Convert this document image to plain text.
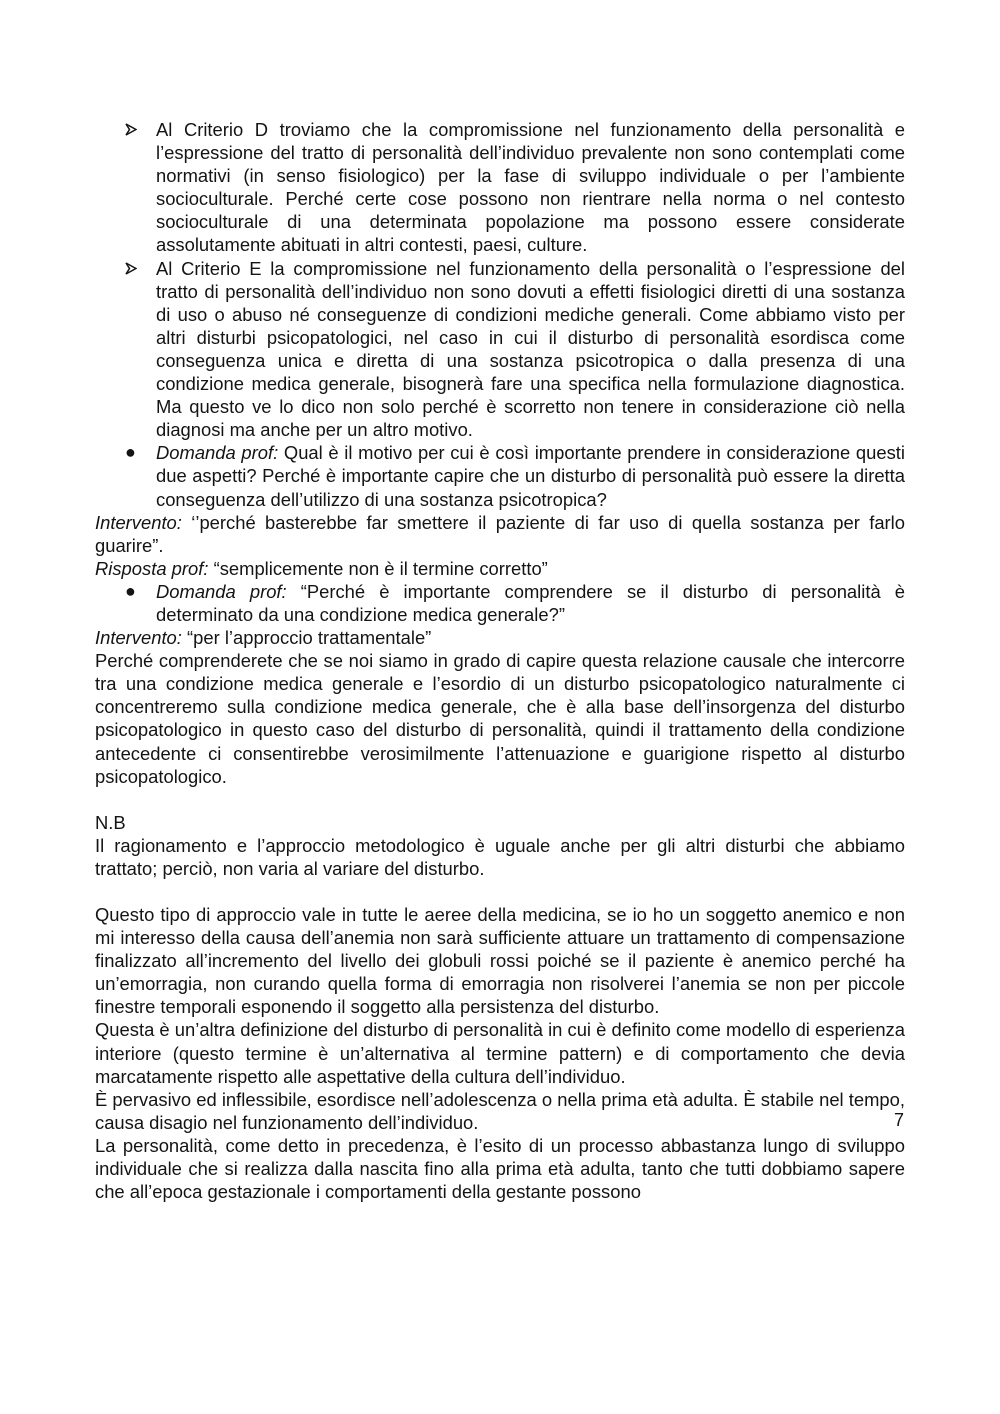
Al Criterio D troviamo che la compromissione nel funzionamento della personalità e l’espressione del tratto di personalità dell’individuo prevalente non sono contemplati come normativi (in senso fisiologico) per la fase di sviluppo individuale o per l’ambiente socioculturale. Perché certe cose possono non rientrare nella norma o nel contesto socioculturale di una determinata popolazione ma possono essere considerate assolutamente abituati in altri contesti, paesi, culture.
Al Criterio E la compromissione nel funzionamento della personalità o l’espressione del tratto di personalità dell’individuo non sono dovuti a effetti fisiologici diretti di una sostanza di uso o abuso né conseguenze di condizioni mediche generali. Come abbiamo visto per altri disturbi psicopatologici, nel caso in cui il disturbo di personalità esordisca come conseguenza unica e diretta di una sostanza psicotropica o dalla presenza di una condizione medica generale, bisognerà fare una specifica nella formulazione diagnostica. Ma questo ve lo dico non solo perché è scorretto non tenere in considerazione ciò nella diagnosi ma anche per un altro motivo.
●	Domanda prof: Qual è il motivo per cui è così importante prendere in considerazione questi due aspetti? Perché è importante capire che un disturbo di personalità può essere la diretta conseguenza dell’utilizzo di una sostanza psicotropica?

Intervento: ‘’perché basterebbe far smettere il paziente di far uso di quella sostanza per farlo guarire”.

Risposta prof: “semplicemente non è il termine corretto”

●	Domanda prof: “Perché è importante comprendere se il disturbo di personalità è determinato da una condizione medica generale?”

Intervento: “per l’approccio trattamentale”

Perché comprenderete che se noi siamo in grado di capire questa relazione causale che intercorre tra una condizione medica generale e l’esordio di un disturbo psicopatologico naturalmente ci concentreremo sulla condizione medica generale, che è alla base dell’insorgenza del disturbo psicopatologico in questo caso del disturbo di personalità, quindi il trattamento della condizione antecedente ci consentirebbe verosimilmente l’attenuazione e guarigione rispetto al disturbo psicopatologico.

N.B

Il ragionamento e l’approccio metodologico è uguale anche per gli altri disturbi che abbiamo trattato; perciò, non varia al variare del disturbo.

Questo tipo di approccio vale in tutte le aeree della medicina, se io ho un soggetto anemico e non mi interesso della causa dell’anemia non sarà sufficiente attuare un trattamento di compensazione finalizzato all’incremento del livello dei globuli rossi poiché se il paziente è anemico perché ha un’emorragia, non curando quella forma di emorragia non risolverei l’anemia se non per piccole finestre temporali esponendo il soggetto alla persistenza del disturbo.

Questa è un’altra definizione del disturbo di personalità in cui è definito come modello di esperienza interiore (questo termine è un’alternativa al termine pattern) e di comportamento che devia marcatamente rispetto alle aspettative della cultura dell’individuo.

È pervasivo ed inflessibile, esordisce nell’adolescenza o nella prima età adulta. È stabile nel tempo, causa disagio nel funzionamento dell’individuo.

La personalità, come detto in precedenza, è l’esito di un processo abbastanza lungo di sviluppo individuale che si realizza dalla nascita fino alla prima età adulta, tanto che tutti dobbiamo sapere che all’epoca gestazionale i comportamenti della gestante possono

7
